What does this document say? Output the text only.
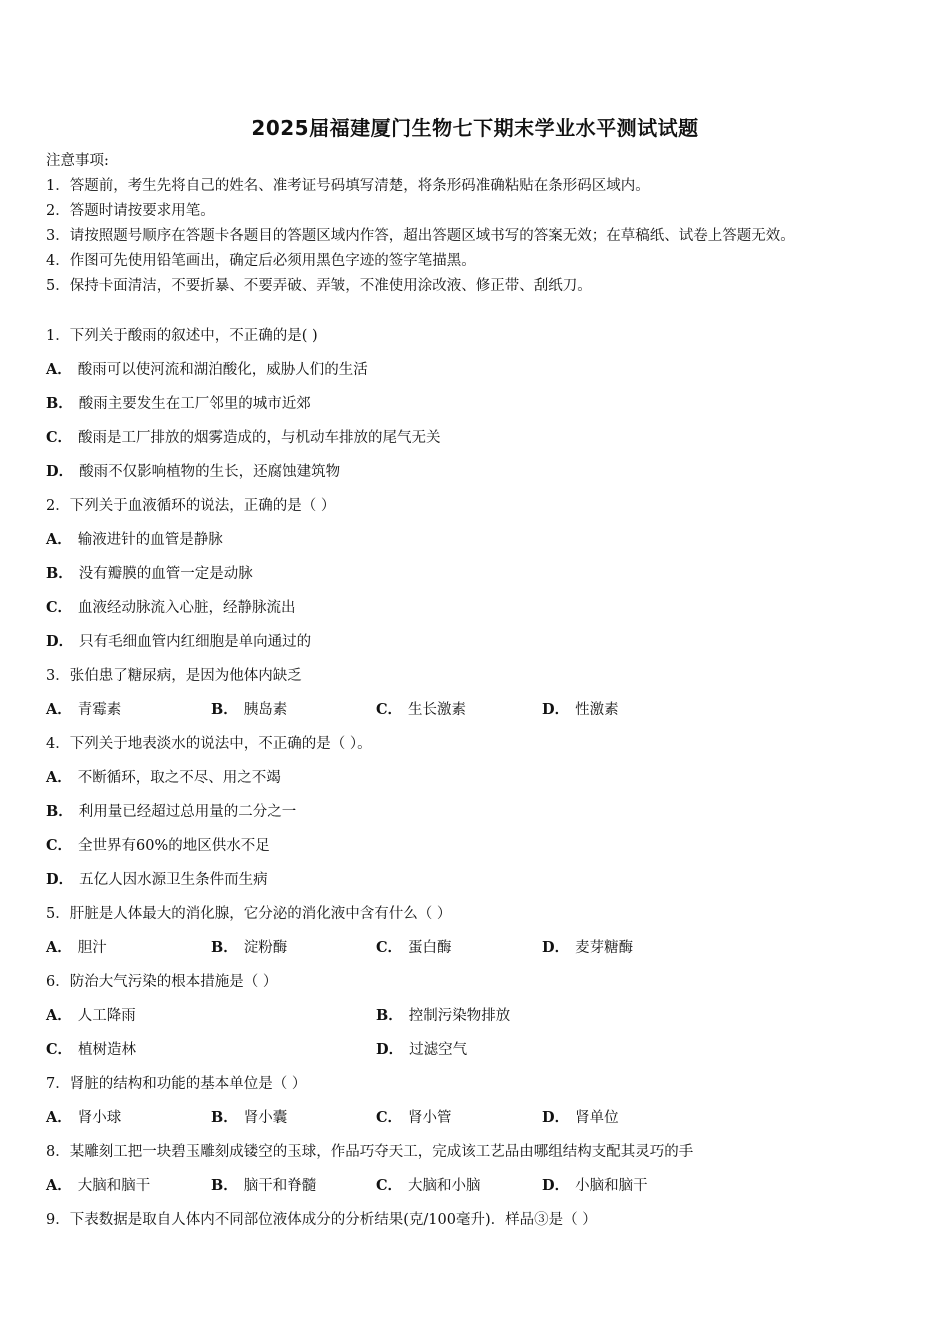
2025届福建厦门生物七下期末学业水平测试试题
注意事项:
1．答题前，考生先将自己的姓名、准考证号码填写清楚，将条形码准确粘贴在条形码区域内。
2．答题时请按要求用笔。
3．请按照题号顺序在答题卡各题目的答题区域内作答，超出答题区域书写的答案无效；在草稿纸、试卷上答题无效。
4．作图可先使用铅笔画出，确定后必须用黑色字迹的签字笔描黑。
5．保持卡面清洁，不要折暴、不要弄破、弄皱，不准使用涂改液、修正带、刮纸刀。
1．下列关于酸雨的叙述中，不正确的是( )
A． 酸雨可以使河流和湖泊酸化，威胁人们的生活
B． 酸雨主要发生在工厂邻里的城市近郊
C． 酸雨是工厂排放的烟雾造成的，与机动车排放的尾气无关
D． 酸雨不仅影响植物的生长，还腐蚀建筑物
2．下列关于血液循环的说法，正确的是（ ）
A． 输液进针的血管是静脉
B． 没有瓣膜的血管一定是动脉
C． 血液经动脉流入心脏，经静脉流出
D． 只有毛细血管内红细胞是单向通过的
3．张伯患了糖尿病，是因为他体内缺乏
A． 青霉素	B． 胰岛素	C． 生长激素	D． 性激素
4．下列关于地表淡水的说法中，不正确的是（ ）。
A． 不断循环，取之不尽、用之不竭
B． 利用量已经超过总用量的二分之一
C． 全世界有60%的地区供水不足
D． 五亿人因水源卫生条件而生病
5．肝脏是人体最大的消化腺，它分泌的消化液中含有什么（ ）
A． 胆汁	B． 淀粉酶	C． 蛋白酶	D． 麦芽糖酶
6．防治大气污染的根本措施是（ ）
A． 人工降雨	B． 控制污染物排放
C． 植树造林	D． 过滤空气
7．肾脏的结构和功能的基本单位是（ ）
A． 肾小球	B． 肾小囊	C． 肾小管	D． 肾单位
8．某雕刻工把一块碧玉雕刻成镂空的玉球，作品巧夺天工，完成该工艺品由哪组结构支配其灵巧的手
A． 大脑和脑干	B． 脑干和脊髓	C． 大脑和小脑	D． 小脑和脑干
9．下表数据是取自人体内不同部位液体成分的分析结果(克/100毫升)．样品③是（ ）
